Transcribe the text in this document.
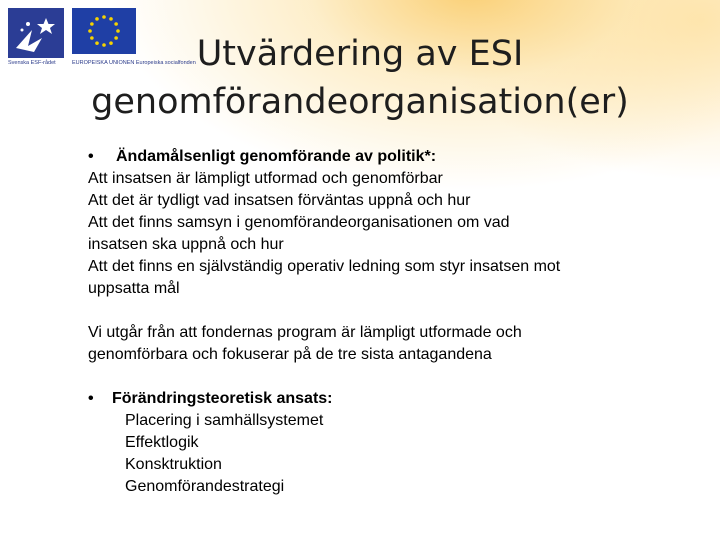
Svenska ESF-rådet	EUROPEISKA UNIONEN Europeiska socialfonden Utvärdering av ESI
genomförandeorganisation(er)
• Ändamålsenligt genomförande av politik*:
Att insatsen är lämpligt utformad och genomförbar
Att det är tydligt vad insatsen förväntas uppnå och hur
Att det finns samsyn i genomförandeorganisationen om vad
insatsen ska uppnå och hur
Att det finns en självständig operativ ledning som styr insatsen mot
uppsatta mål
Vi utgår från att fondernas program är lämpligt utformade och
genomförbara och fokuserar på de tre sista antagandena
• Förändringsteoretisk ansats:
Placering i samhällsystemet
Effektlogik
Konsktruktion
Genomförandestrategi
